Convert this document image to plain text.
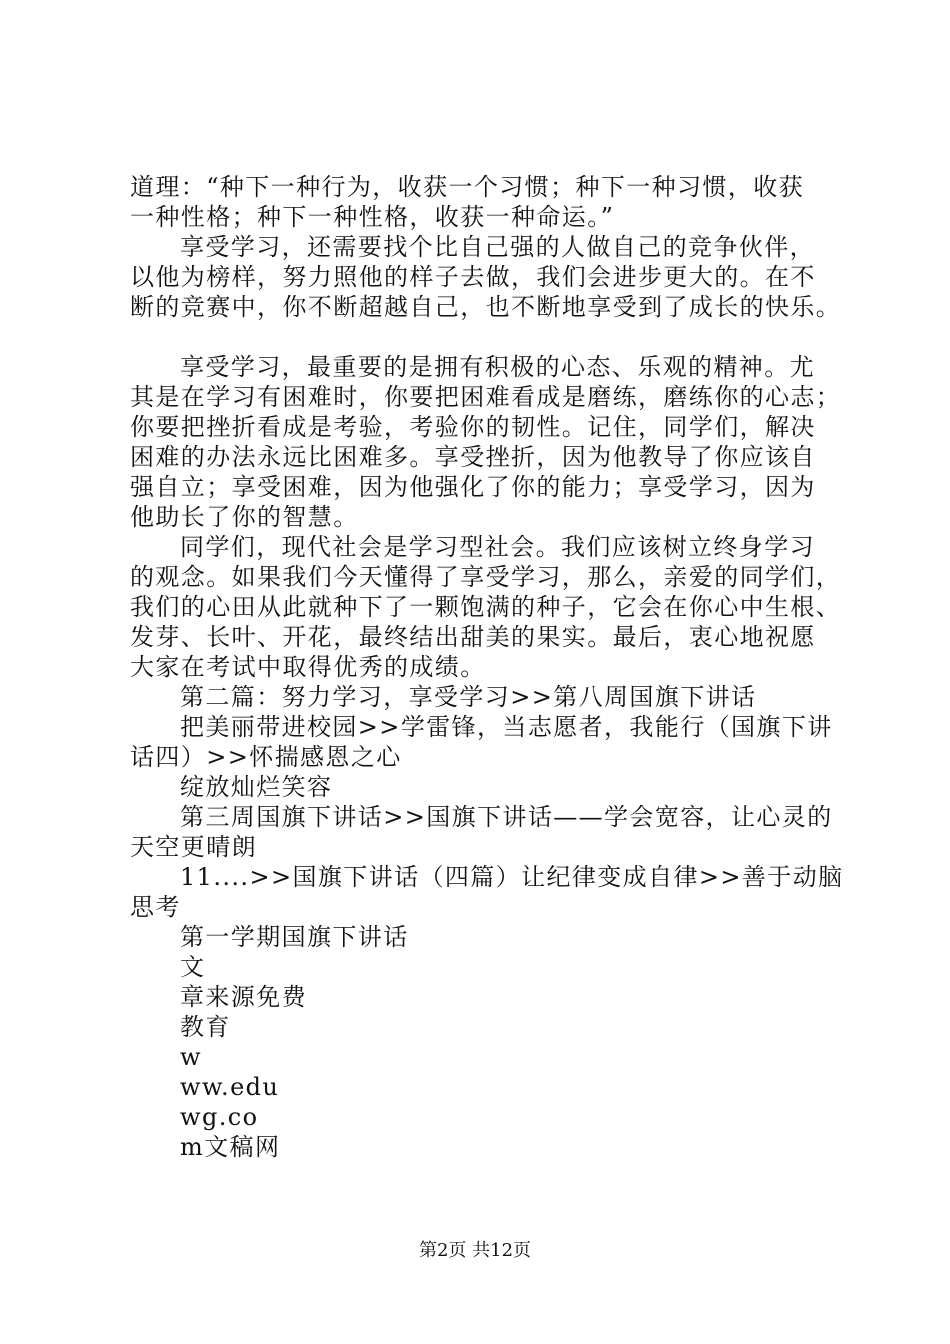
道理：“种下一种行为，收获一个习惯；种下一种习惯，收获
一种性格；种下一种性格，收获一种命运。”
享受学习，还需要找个比自己强的人做自己的竞争伙伴，
以他为榜样，努力照他的样子去做，我们会进步更大的。在不
断的竞赛中，你不断超越自己，也不断地享受到了成长的快乐。
享受学习，最重要的是拥有积极的心态、乐观的精神。尤
其是在学习有困难时，你要把困难看成是磨练，磨练你的心志；
你要把挫折看成是考验，考验你的韧性。记住，同学们，解决
困难的办法永远比困难多。享受挫折，因为他教导了你应该自
强自立；享受困难，因为他强化了你的能力；享受学习，因为
他助长了你的智慧。
同学们，现代社会是学习型社会。我们应该树立终身学习
的观念。如果我们今天懂得了享受学习，那么，亲爱的同学们，
我们的心田从此就种下了一颗饱满的种子，它会在你心中生根、
发芽、长叶、开花，最终结出甜美的果实。最后，衷心地祝愿
大家在考试中取得优秀的成绩。
第二篇：努力学习，享受学习>>第八周国旗下讲话
把美丽带进校园>>学雷锋，当志愿者，我能行（国旗下讲
话四）>>怀揣感恩之心
绽放灿烂笑容
第三周国旗下讲话>>国旗下讲话——学会宽容，让心灵的
天空更晴朗
11....>>国旗下讲话（四篇）让纪律变成自律>>善于动脑
思考
第一学期国旗下讲话
文
章来源免费
教育
w
ww.edu
wg.co
m文稿网
第2页 共12页
